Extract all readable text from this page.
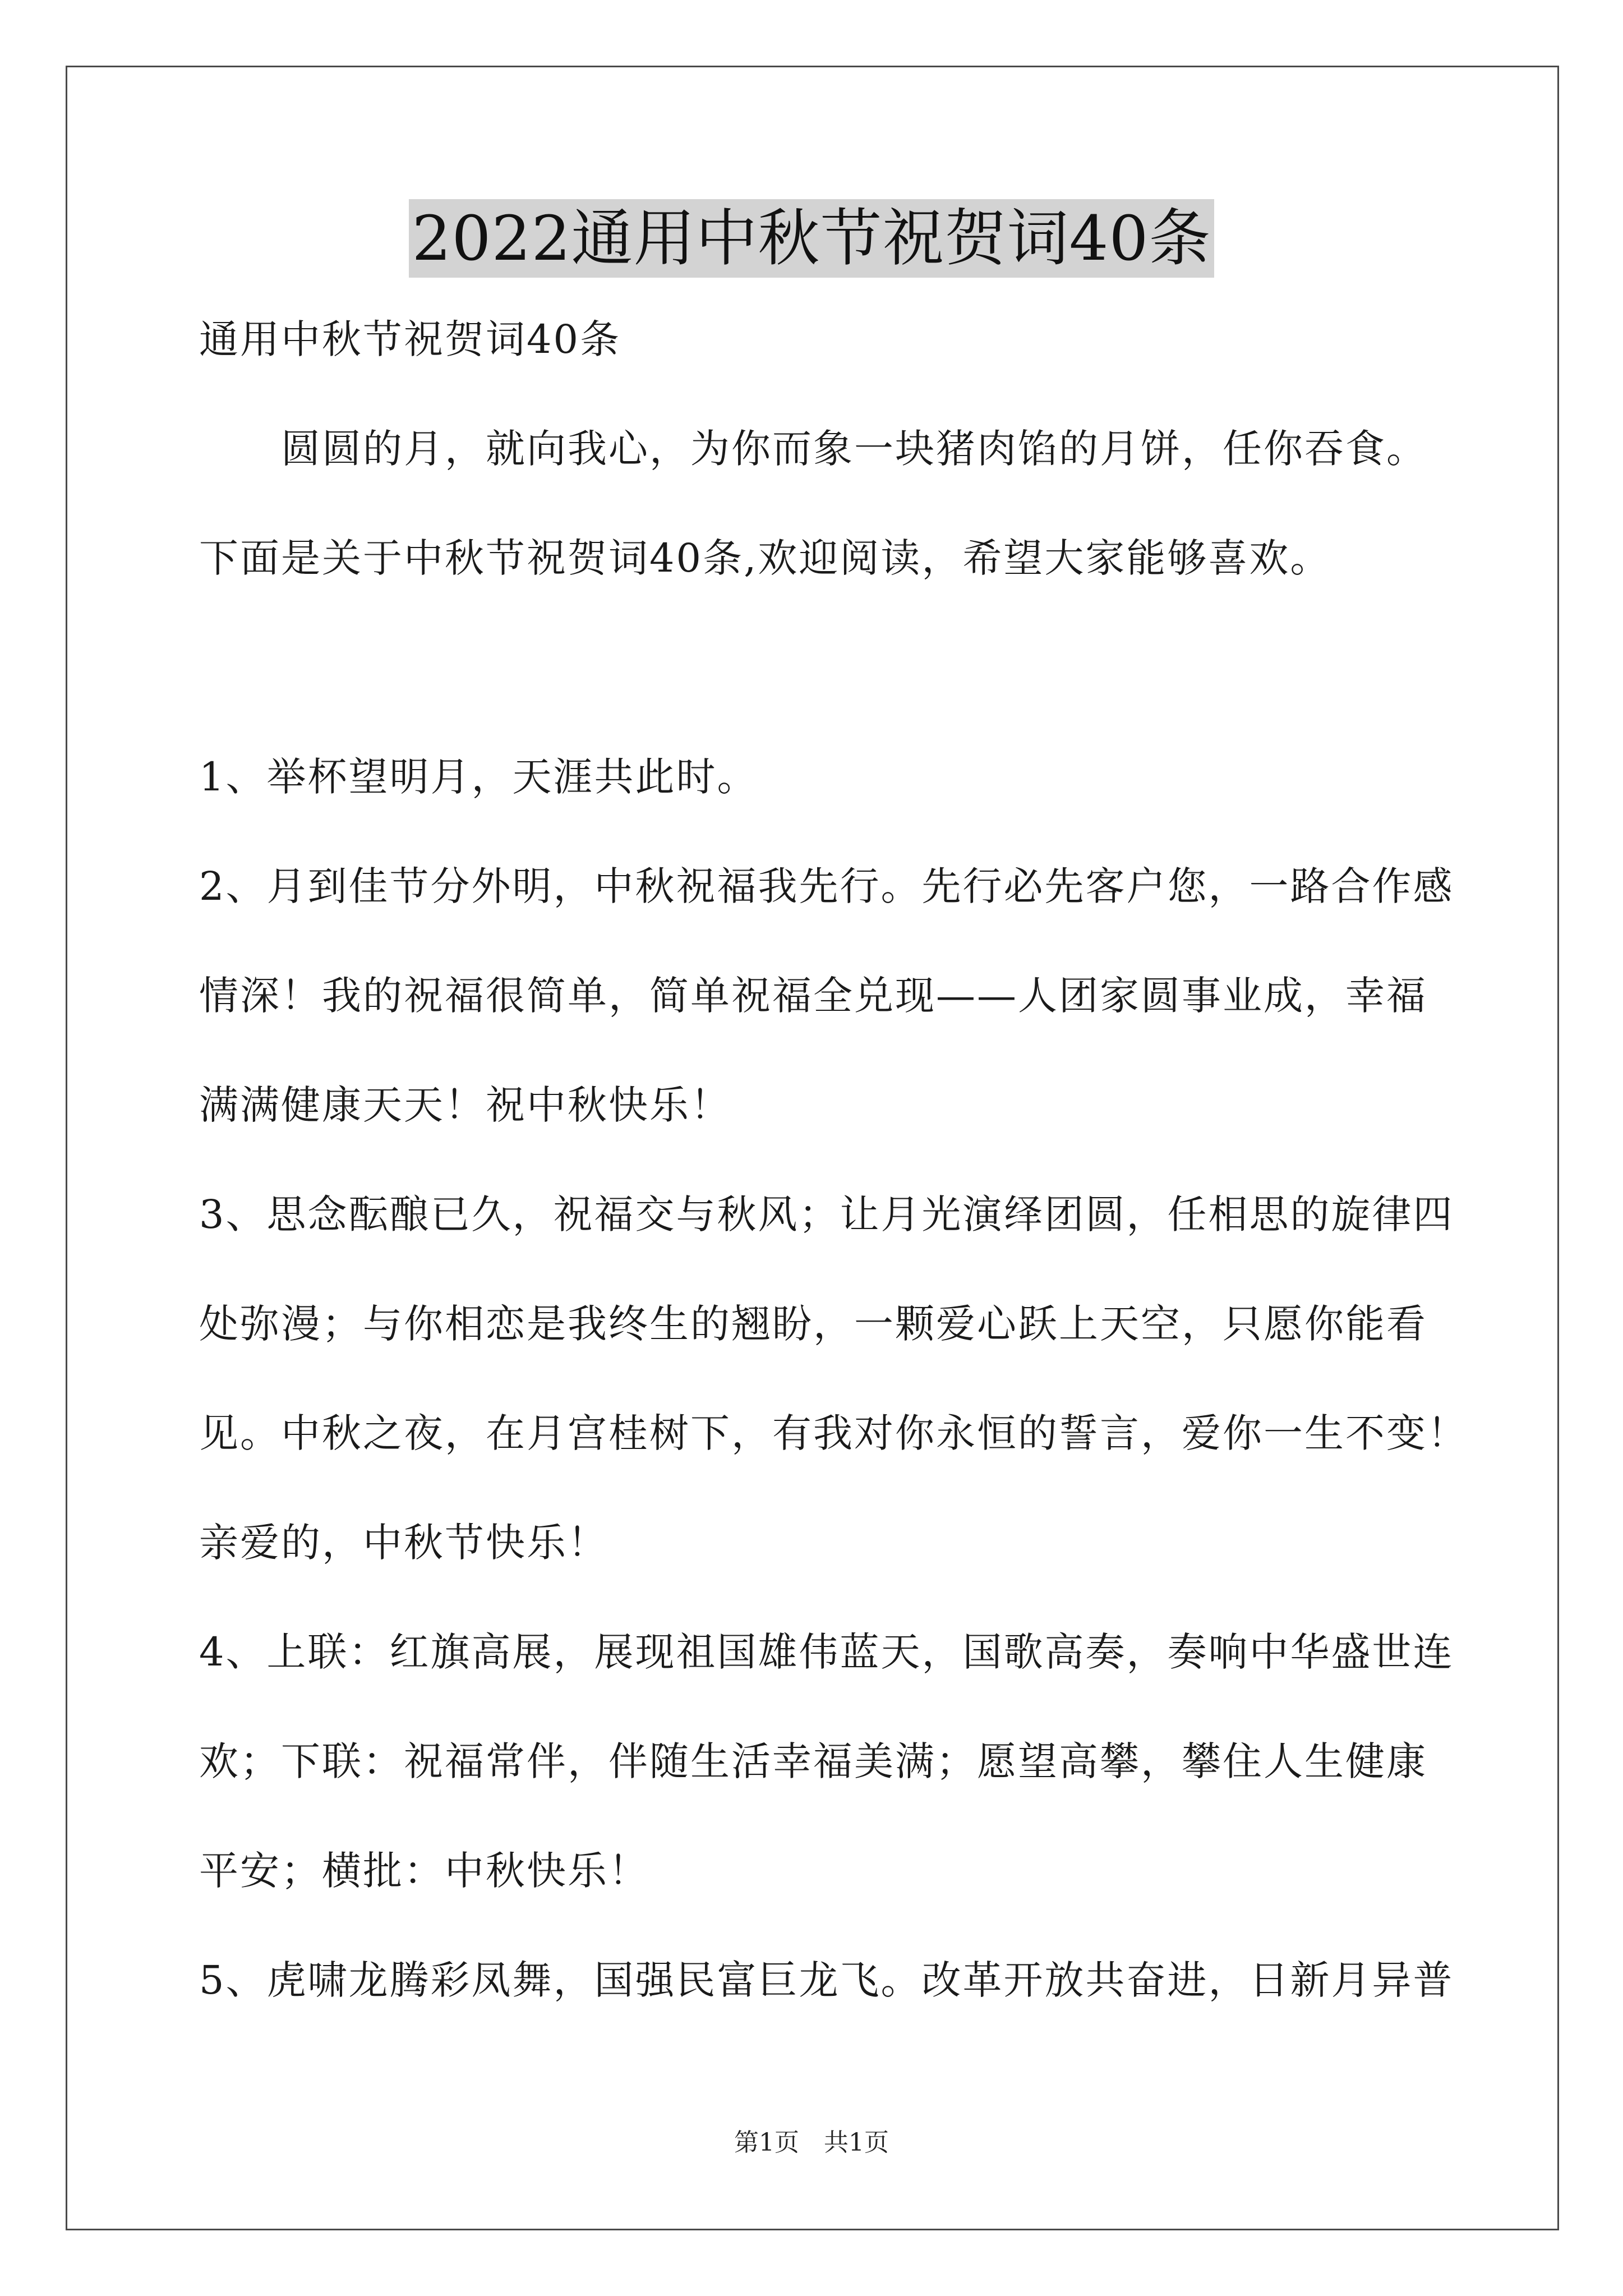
2022通用中秋节祝贺词40条
通用中秋节祝贺词40条
　　圆圆的月，就向我心，为你而象一块猪肉馅的月饼，任你吞食。
下面是关于中秋节祝贺词40条,欢迎阅读，希望大家能够喜欢。
1、举杯望明月，天涯共此时。
2、月到佳节分外明，中秋祝福我先行。先行必先客户您，一路合作感
情深！我的祝福很简单，简单祝福全兑现——人团家圆事业成，幸福
满满健康天天！祝中秋快乐！
3、思念酝酿已久，祝福交与秋风；让月光演绎团圆，任相思的旋律四
处弥漫；与你相恋是我终生的翘盼，一颗爱心跃上天空，只愿你能看
见。中秋之夜，在月宫桂树下，有我对你永恒的誓言，爱你一生不变！
亲爱的，中秋节快乐！
4、上联：红旗高展，展现祖国雄伟蓝天，国歌高奏，奏响中华盛世连
欢；下联：祝福常伴，伴随生活幸福美满；愿望高攀，攀住人生健康
平安；横批：中秋快乐！
5、虎啸龙腾彩凤舞，国强民富巨龙飞。改革开放共奋进，日新月异普
第1页　共1页
